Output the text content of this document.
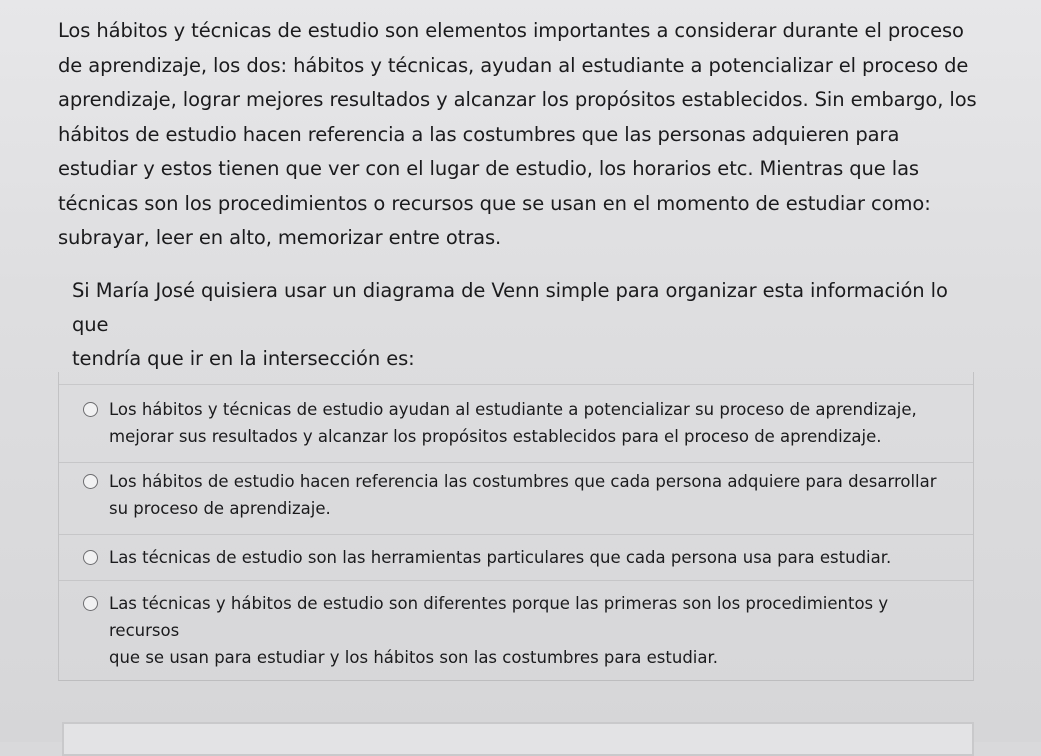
Los hábitos y técnicas de estudio son elementos importantes a considerar durante el proceso
de aprendizaje, los dos: hábitos y técnicas, ayudan al estudiante a potencializar el proceso de
aprendizaje, lograr mejores resultados y alcanzar los propósitos establecidos. Sin embargo, los
hábitos de estudio hacen referencia a las costumbres que las personas adquieren para
estudiar y estos tienen que ver con el lugar de estudio, los horarios etc. Mientras que las
técnicas son los procedimientos o recursos que se usan en el momento de estudiar como:
subrayar, leer en alto, memorizar entre otras.

Si María José quisiera usar un diagrama de Venn simple para organizar esta información lo que
tendría que ir en la intersección es:

Los hábitos y técnicas de estudio ayudan al estudiante a potencializar su proceso de aprendizaje,
mejorar sus resultados y alcanzar los propósitos establecidos para el proceso de aprendizaje.
Los hábitos de estudio hacen referencia las costumbres que cada persona adquiere para desarrollar
su proceso de aprendizaje.
Las técnicas de estudio son las herramientas particulares que cada persona usa para estudiar.
Las técnicas y hábitos de estudio son diferentes porque las primeras son los procedimientos y recursos
que se usan para estudiar y los hábitos son las costumbres para estudiar.
